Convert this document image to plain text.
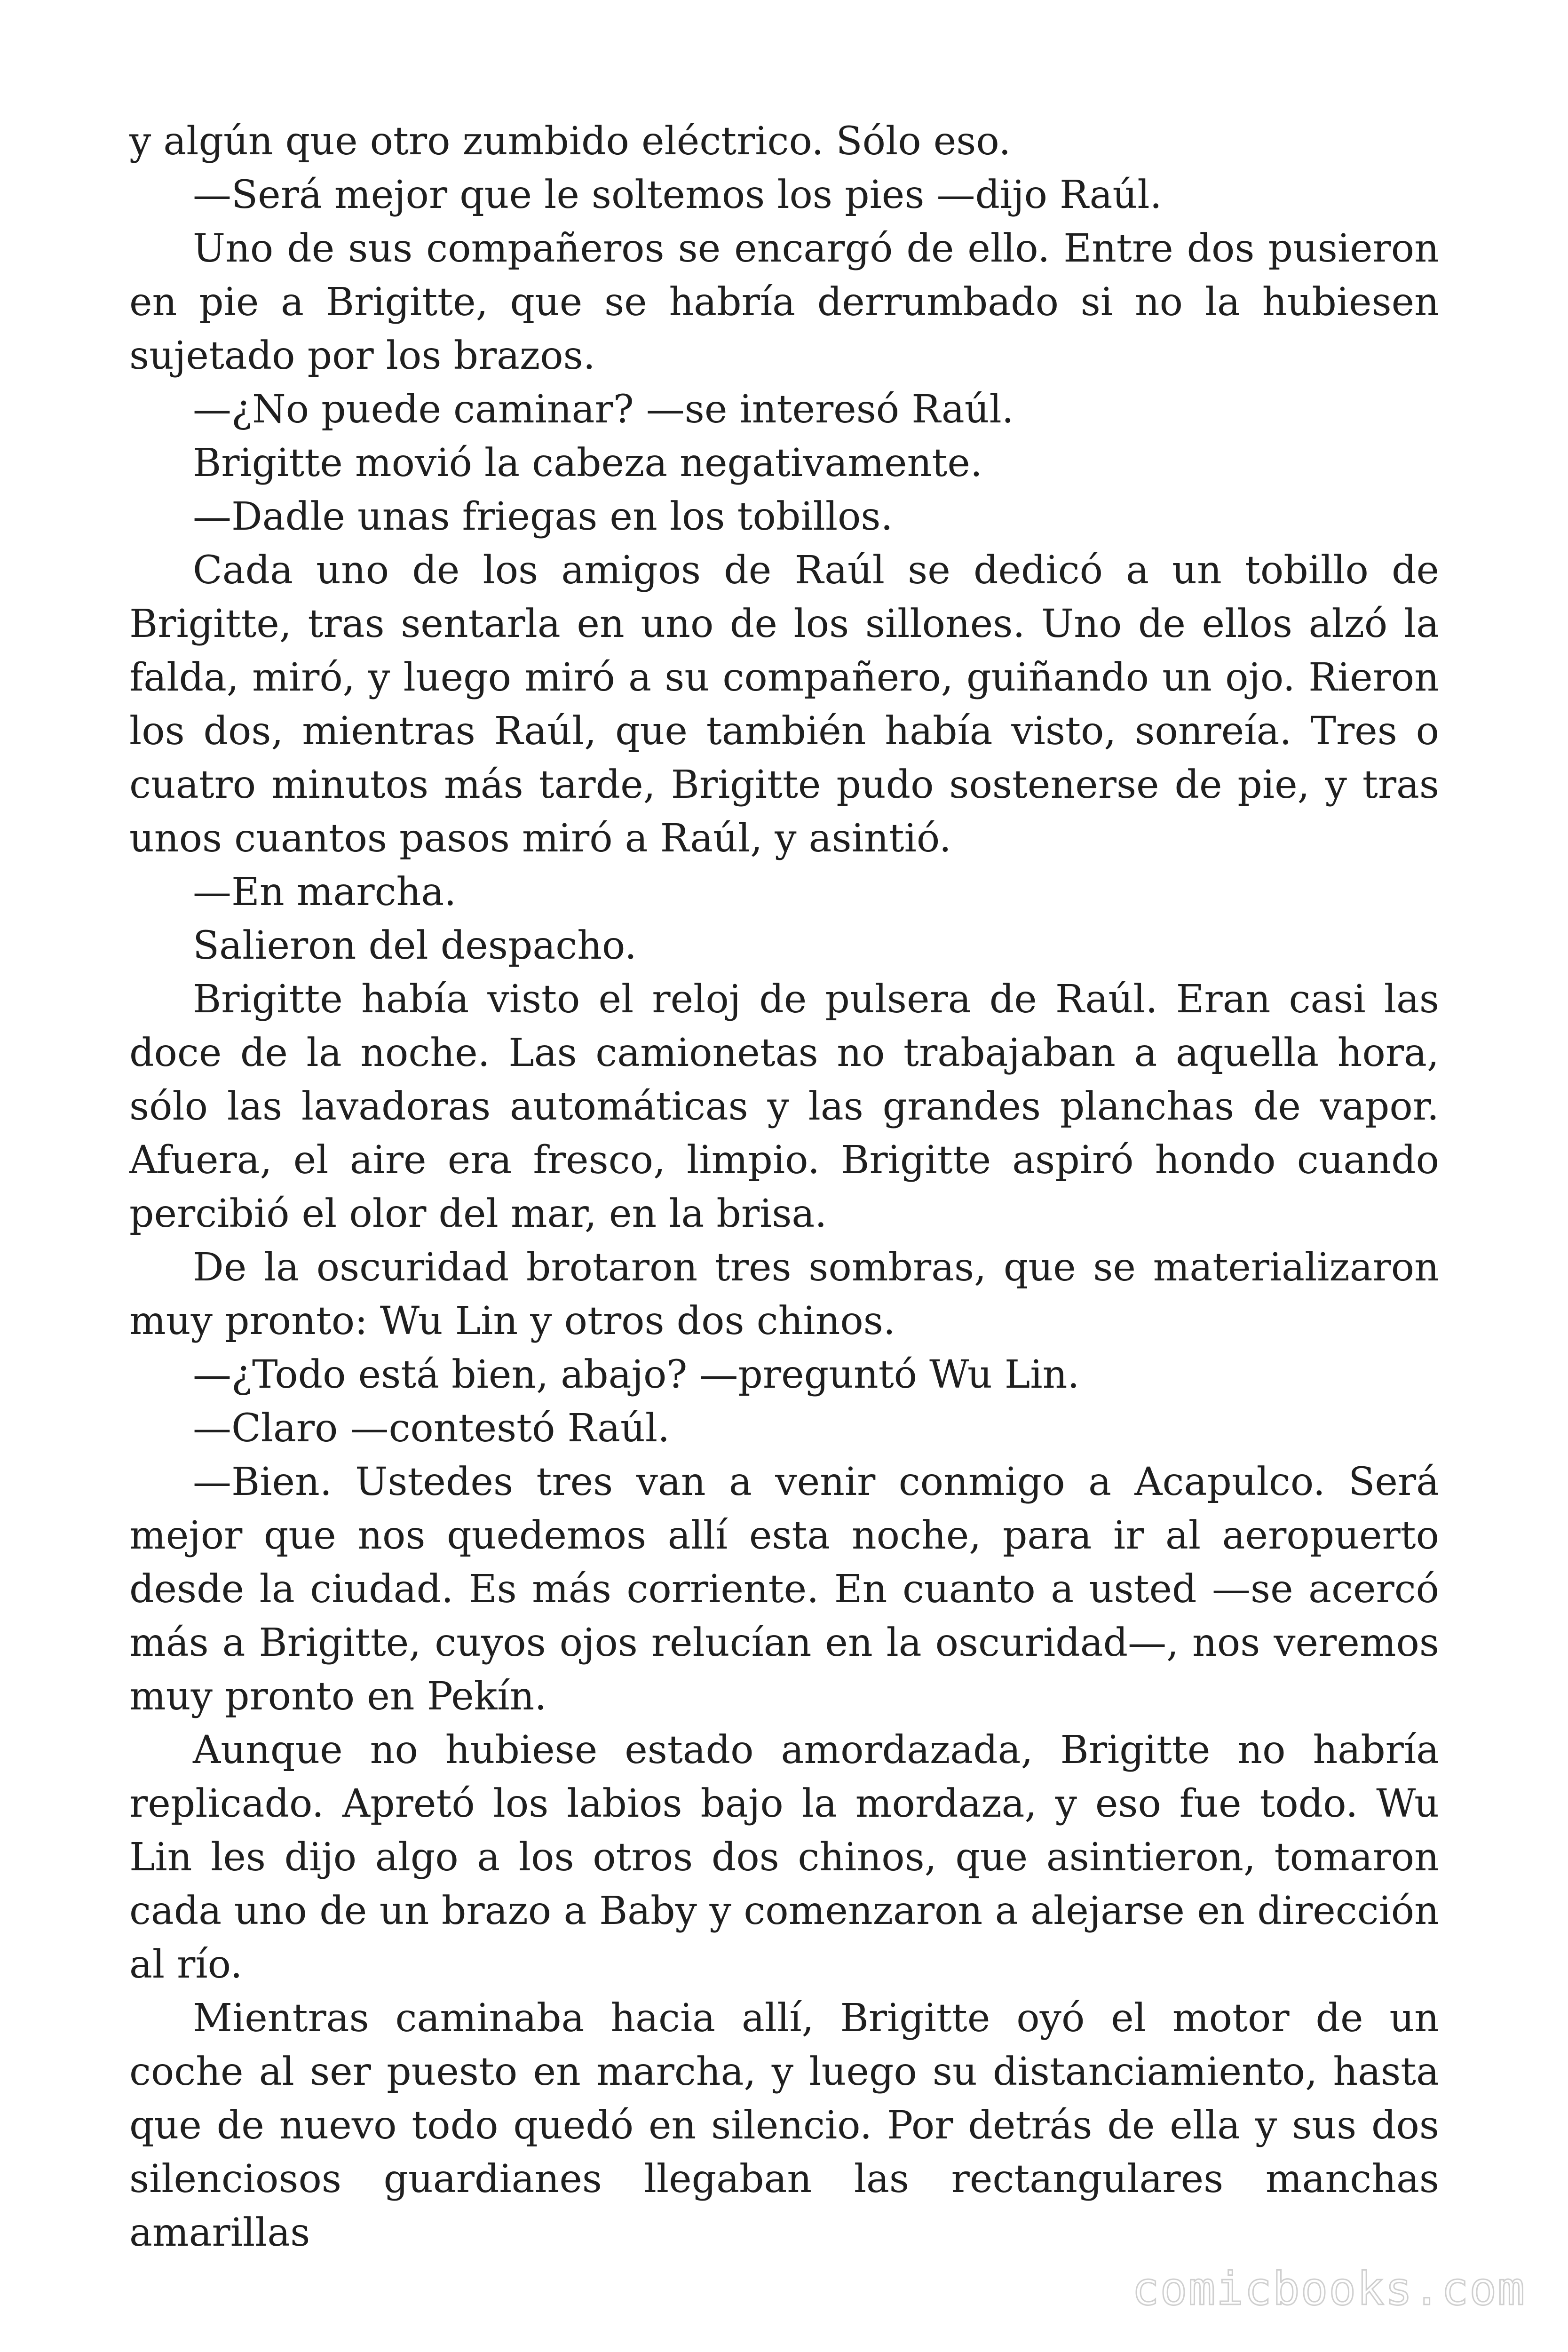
y algún que otro zumbido eléctrico. Sólo eso.

—Será mejor que le soltemos los pies —dijo Raúl.

Uno de sus compañeros se encargó de ello. Entre dos pusieron en pie a Brigitte, que se habría derrumbado si no la hubiesen sujetado por los brazos.

—¿No puede caminar? —se interesó Raúl.

Brigitte movió la cabeza negativamente.

—Dadle unas friegas en los tobillos.

Cada uno de los amigos de Raúl se dedicó a un tobillo de Brigitte, tras sentarla en uno de los sillones. Uno de ellos alzó la falda, miró, y luego miró a su compañero, guiñando un ojo. Rieron los dos, mientras Raúl, que también había visto, sonreía. Tres o cuatro minutos más tarde, Brigitte pudo sostenerse de pie, y tras unos cuantos pasos miró a Raúl, y asintió.

—En marcha.

Salieron del despacho.

Brigitte había visto el reloj de pulsera de Raúl. Eran casi las doce de la noche. Las camionetas no trabajaban a aquella hora, sólo las lavadoras automáticas y las grandes planchas de vapor. Afuera, el aire era fresco, limpio. Brigitte aspiró hondo cuando percibió el olor del mar, en la brisa.

De la oscuridad brotaron tres sombras, que se materializaron muy pronto: Wu Lin y otros dos chinos.

—¿Todo está bien, abajo? —preguntó Wu Lin.

—Claro —contestó Raúl.

—Bien. Ustedes tres van a venir conmigo a Acapulco. Será mejor que nos quedemos allí esta noche, para ir al aeropuerto desde la ciudad. Es más corriente. En cuanto a usted —se acercó más a Brigitte, cuyos ojos relucían en la oscuridad—, nos veremos muy pronto en Pekín.

Aunque no hubiese estado amordazada, Brigitte no habría replicado. Apretó los labios bajo la mordaza, y eso fue todo. Wu Lin les dijo algo a los otros dos chinos, que asintieron, tomaron cada uno de un brazo a Baby y comenzaron a alejarse en dirección al río.

Mientras caminaba hacia allí, Brigitte oyó el motor de un coche al ser puesto en marcha, y luego su distanciamiento, hasta que de nuevo todo quedó en silencio. Por detrás de ella y sus dos silenciosos guardianes llegaban las rectangulares manchas amarillas

comicbooks.com
